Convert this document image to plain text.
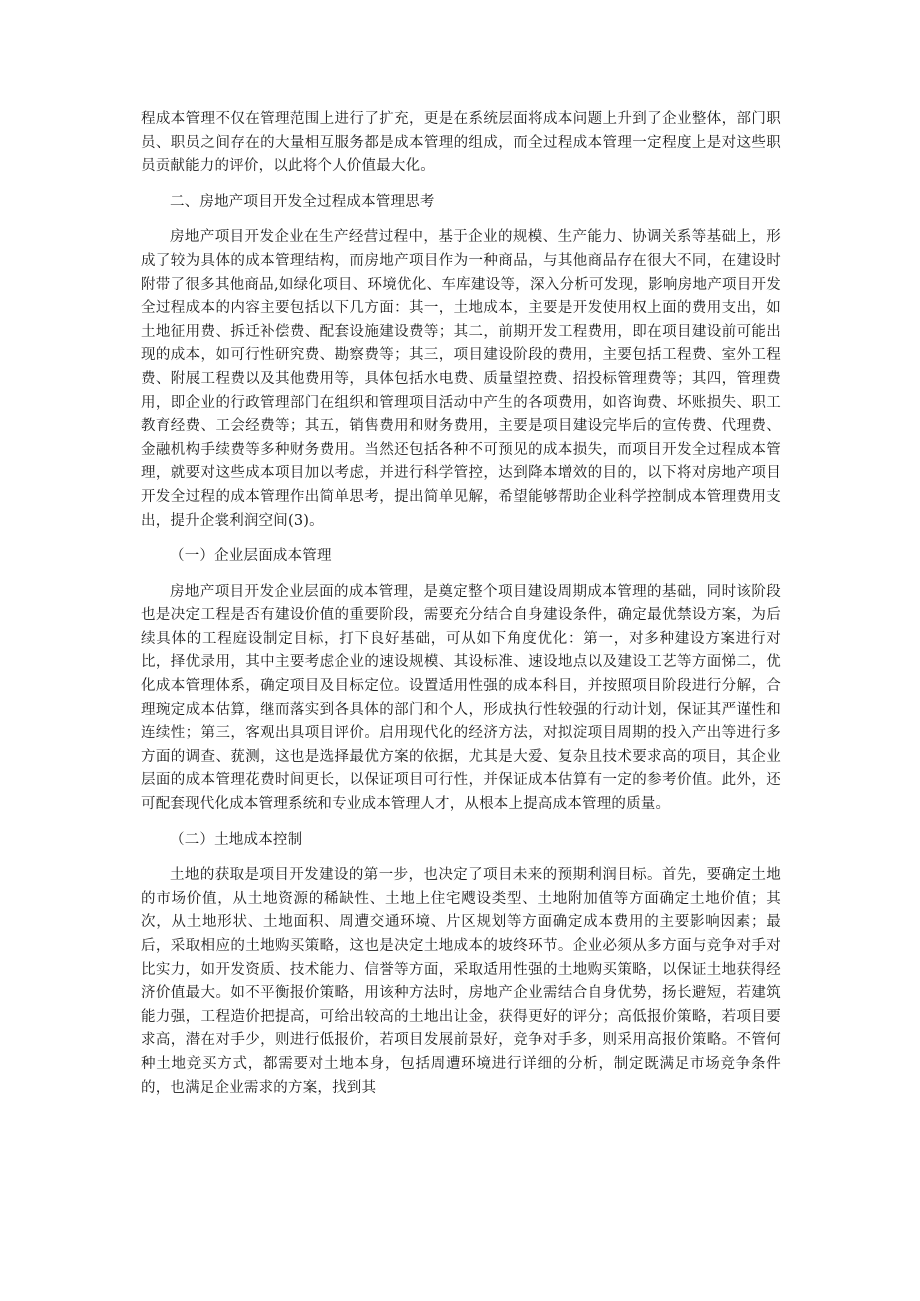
程成本管理不仅在管理范围上进行了扩充，更是在系统层面将成本问题上升到了企业整体，部门职员、职员之间存在的大量相互服务都是成本管理的组成，而全过程成本管理一定程度上是对这些职员贡献能力的评价，以此将个人价值最大化。

二、房地产项目开发全过程成本管理思考

房地产项目开发企业在生产经营过程中，基于企业的规模、生产能力、协调关系等基础上，形成了较为具体的成本管理结构，而房地产项目作为一种商品，与其他商品存在很大不同，在建设时附带了很多其他商品,如绿化项目、环境优化、车库建设等，深入分析可发现，影响房地产项目开发全过程成本的内容主要包括以下几方面：其一，土地成本，主要是开发使用权上面的费用支出，如土地征用费、拆迁补偿费、配套设施建设费等；其二，前期开发工程费用，即在项目建设前可能出现的成本，如可行性研究费、勘察费等；其三，项目建设阶段的费用，主要包括工程费、室外工程费、附展工程费以及其他费用等，具体包括水电费、质量望控费、招投标管理费等；其四，管理费用，即企业的行政管理部门在组织和管理项目活动中产生的各项费用，如咨询费、坏账损失、职工教育经费、工会经费等；其五，销售费用和财务费用，主要是项目建设完毕后的宣传费、代理费、金融机构手续费等多种财务费用。当然还包括各种不可预见的成本损失，而项目开发全过程成本管理，就要对这些成本项目加以考虑，并进行科学管控，达到降本增效的目的，以下将对房地产项目开发全过程的成本管理作出简单思考，提出简单见解，希望能够帮助企业科学控制成本管理费用支出，提升企裳利润空间(3)。

（一）企业层面成本管理

房地产项目开发企业层面的成本管理，是奠定整个项目建设周期成本管理的基础，同时该阶段也是决定工程是否有建设价值的重要阶段，需要充分结合自身建设条件，确定最优禁设方案，为后续具体的工程庭设制定目标，打下良好基础，可从如下角度优化：第一，对多种建设方案进行对比，择优录用，其中主要考虑企业的速设规模、其设标准、速设地点以及建设工艺等方面悌二，优化成本管理体系，确定项目及目标定位。设置适用性强的成本科目，并按照项目阶段进行分解，合理琬定成本估算，继而落实到各具体的部门和个人，形成执行性较强的行动计划，保证其严谨性和连续性；第三，客观出具项目评价。启用现代化的经济方法，对拟淀项目周期的投入产出等进行多方面的调查、莸测，这也是选择最优方案的依据，尤其是大爱、复杂且技术要求高的项目，其企业层面的成本管理花费时间更长，以保证项目可行性，并保证成本估算有一定的参考价值。此外，还可配套现代化成本管理系统和专业成本管理人才，从根本上提高成本管理的质量。

（二）土地成本控制

土地的获取是项目开发建设的第一步，也决定了项目未来的预期利润目标。首先，要确定土地的市场价值，从土地资源的稀缺性、土地上住宅飕设类型、土地附加值等方面确定土地价值；其次，从土地形状、土地面积、周遭交通环境、片区规划等方面确定成本费用的主要影响因素；最后，采取相应的土地购买策略，这也是决定土地成本的坡终环节。企业必须从多方面与竞争对手对比实力，如开发资质、技术能力、信誉等方面，采取适用性强的土地购买策略，以保证土地获得经济价值最大。如不平衡报价策略，用该种方法时，房地产企业需结合自身优势，扬长避短，若建筑能力强，工程造价把提高，可给出较高的土地出让金，获得更好的评分；高低报价策略，若项目要求高，潜在对手少，则进行低报价，若项目发展前景好，竞争对手多，则采用高报价策略。不管何种土地竞买方式，都需要对土地本身，包括周遭环境进行详细的分析，制定既满足市场竞争条件的，也满足企业需求的方案，找到其
